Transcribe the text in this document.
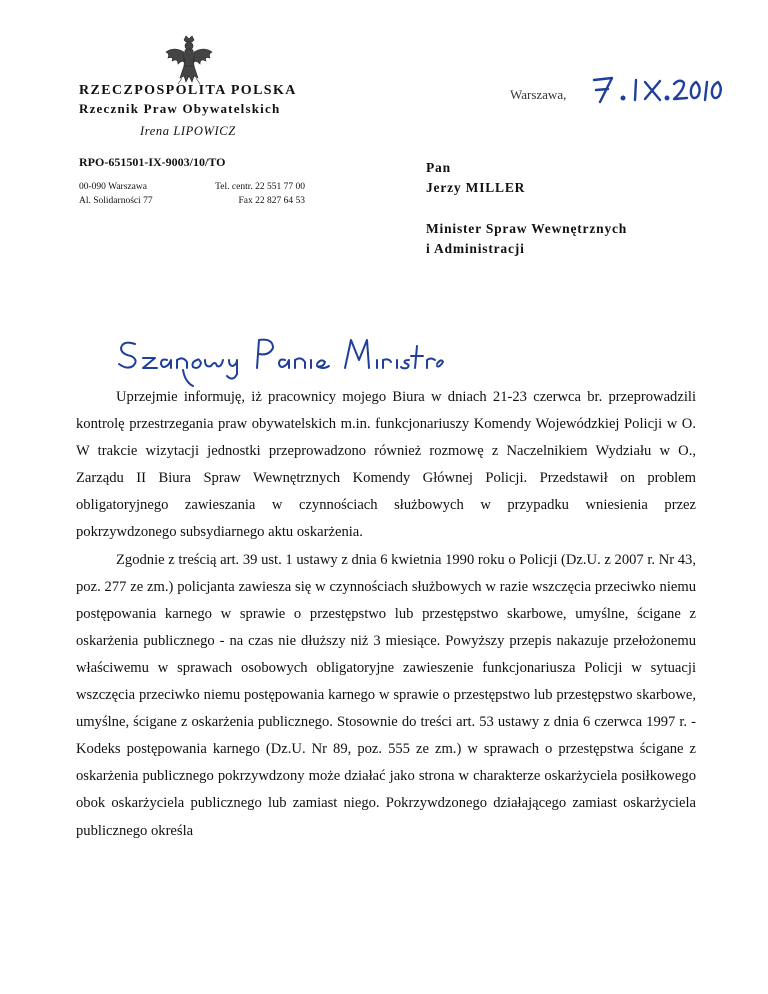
RZECZPOSPOLITA POLSKA
Rzecznik Praw Obywatelskich
Irena LIPOWICZ
RPO-651501-IX-9003/10/TO
00-090 Warszawa
Al. Solidarności 77
Tel. centr. 22 551 77 00
Fax 22 827 64 53
Warszawa,
Pan
Jerzy MILLER
Minister Spraw Wewnętrznych
i Administracji

Uprzejmie informuję, iż pracownicy mojego Biura w dniach 21-23 czerwca br. przeprowadzili kontrolę przestrzegania praw obywatelskich m.in. funkcjonariuszy Komendy Wojewódzkiej Policji w O. W trakcie wizytacji jednostki przeprowadzono również rozmowę z Naczelnikiem Wydziału w O., Zarządu II Biura Spraw Wewnętrznych Komendy Głównej Policji. Przedstawił on problem obligatoryjnego zawieszania w czynnościach służbowych w przypadku wniesienia przez pokrzywdzonego subsydiarnego aktu oskarżenia.

Zgodnie z treścią art. 39 ust. 1 ustawy z dnia 6 kwietnia 1990 roku o Policji (Dz.U. z 2007 r. Nr 43, poz. 277 ze zm.) policjanta zawiesza się w czynnościach służbowych w razie wszczęcia przeciwko niemu postępowania karnego w sprawie o przestępstwo lub przestępstwo skarbowe, umyślne, ścigane z oskarżenia publicznego - na czas nie dłuższy niż 3 miesiące. Powyższy przepis nakazuje przełożonemu właściwemu w sprawach osobowych obligatoryjne zawieszenie funkcjonariusza Policji w sytuacji wszczęcia przeciwko niemu postępowania karnego w sprawie o przestępstwo lub przestępstwo skarbowe, umyślne, ścigane z oskarżenia publicznego. Stosownie do treści art. 53 ustawy z dnia 6 czerwca 1997 r. - Kodeks postępowania karnego (Dz.U. Nr 89, poz. 555 ze zm.) w sprawach o przestępstwa ścigane z oskarżenia publicznego pokrzywdzony może działać jako strona w charakterze oskarżyciela posiłkowego obok oskarżyciela publicznego lub zamiast niego. Pokrzywdzonego działającego zamiast oskarżyciela publicznego określa
